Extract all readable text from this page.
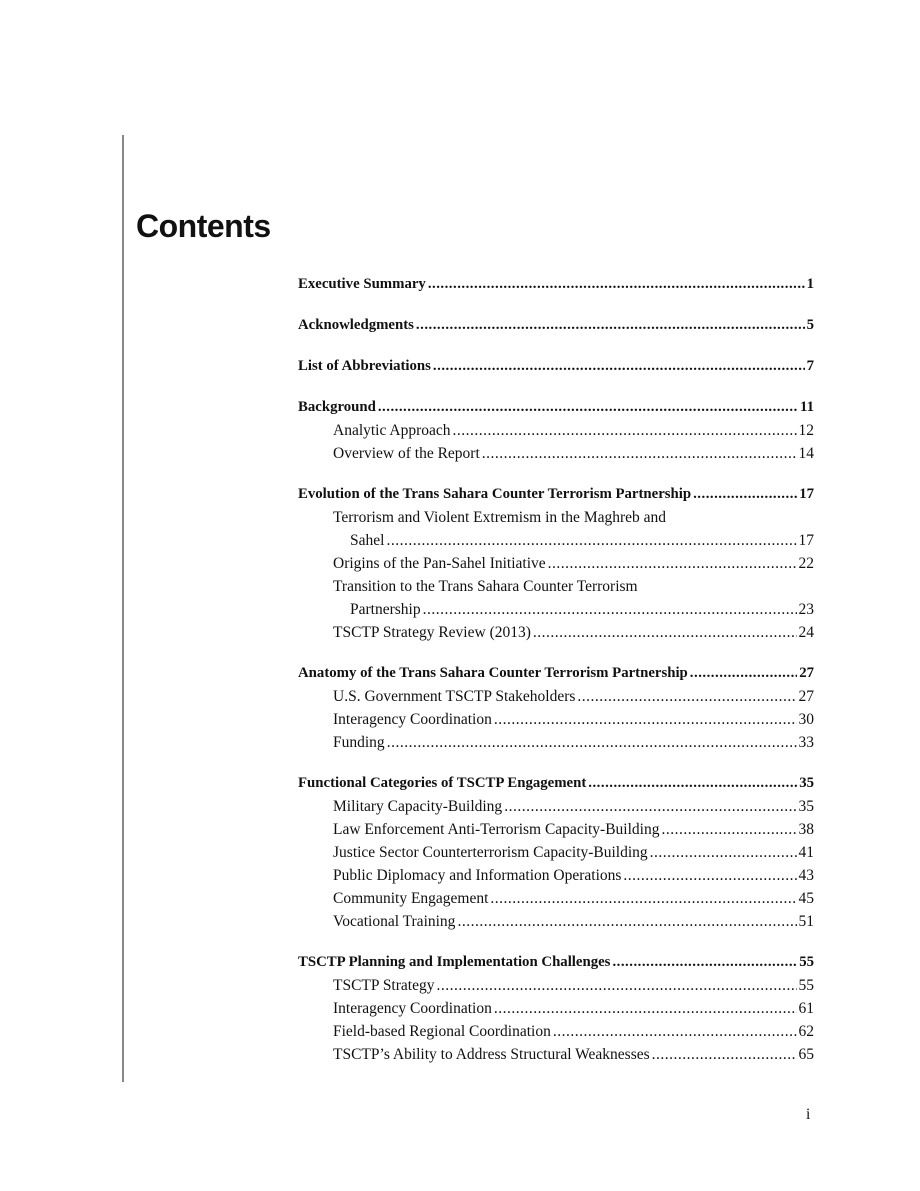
Contents
Executive Summary .....	1
Acknowledgments .....	5
List of Abbreviations .....	7
Background .....	11
Analytic Approach .....	12
Overview of the Report .....	14
Evolution of the Trans Sahara Counter Terrorism Partnership .....	17
Terrorism and Violent Extremism in the Maghreb and
Sahel .....	17
Origins of the Pan-Sahel Initiative .....	22
Transition to the Trans Sahara Counter Terrorism
Partnership .....	23
TSCTP Strategy Review (2013) .....	24
Anatomy of the Trans Sahara Counter Terrorism Partnership .....	27
U.S. Government TSCTP Stakeholders .....	27
Interagency Coordination .....	30
Funding .....	33
Functional Categories of TSCTP Engagement .....	35
Military Capacity-Building .....	35
Law Enforcement Anti-Terrorism Capacity-Building .....	38
Justice Sector Counterterrorism Capacity-Building .....	41
Public Diplomacy and Information Operations .....	43
Community Engagement .....	45
Vocational Training .....	51
TSCTP Planning and Implementation Challenges .....	55
TSCTP Strategy .....	55
Interagency Coordination .....	61
Field-based Regional Coordination .....	62
TSCTP’s Ability to Address Structural Weaknesses .....	65
i
